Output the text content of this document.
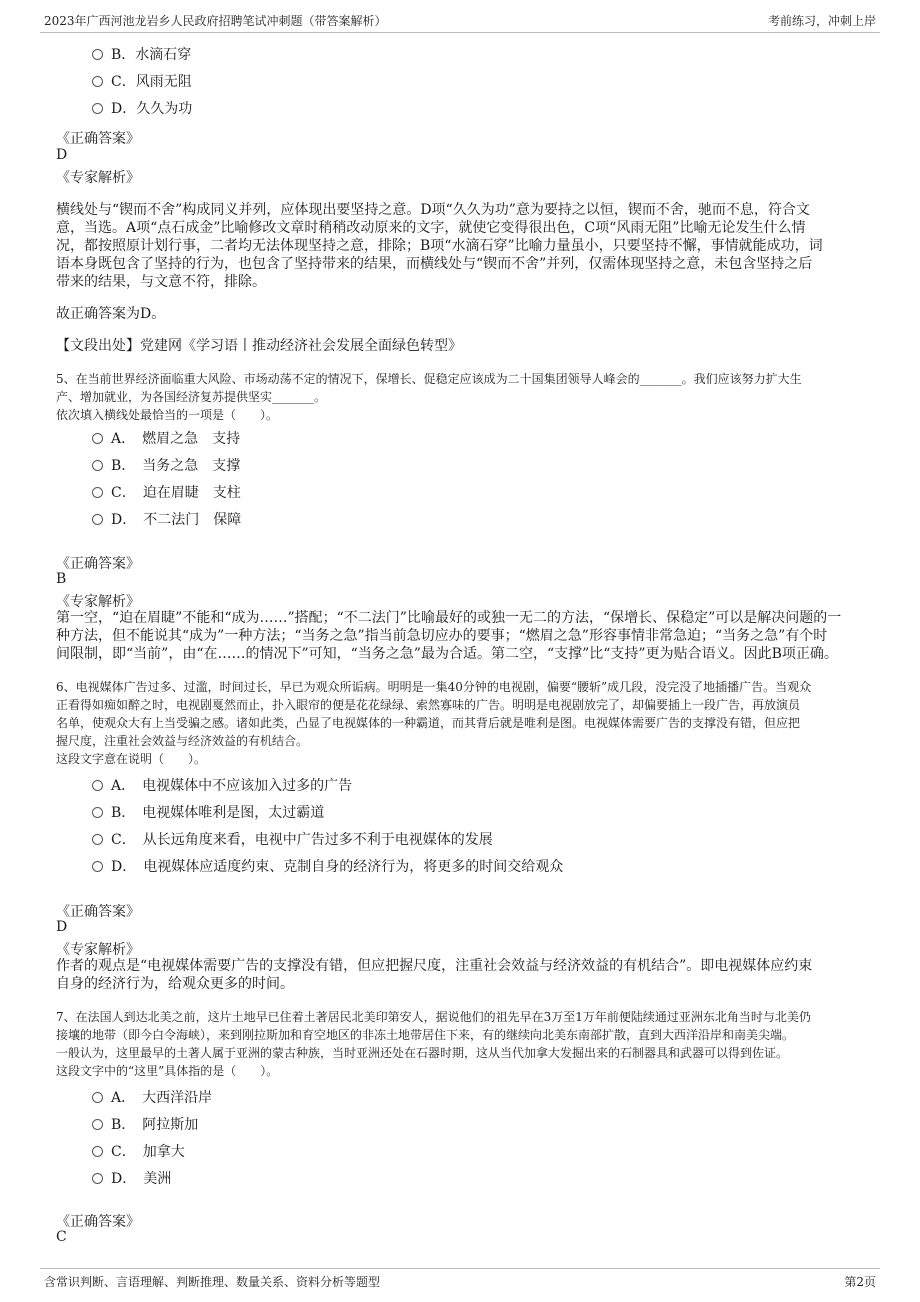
2023年广西河池龙岩乡人民政府招聘笔试冲刺题（带答案解析）	考前练习，冲刺上岸
B．水滴石穿
C．风雨无阻
D．久久为功
《正确答案》
D
《专家解析》
横线处与“锲而不舍”构成同义并列，应体现出要坚持之意。D项“久久为功”意为要持之以恒，锲而不舍，驰而不息，符合文
意，当选。A项“点石成金”比喻修改文章时稍稍改动原来的文字，就使它变得很出色，C项“风雨无阻”比喻无论发生什么情
况，都按照原计划行事，二者均无法体现坚持之意，排除；B项“水滴石穿”比喻力量虽小，只要坚持不懈，事情就能成功，词
语本身既包含了坚持的行为，也包含了坚持带来的结果，而横线处与“锲而不舍”并列，仅需体现坚持之意，未包含坚持之后
带来的结果，与文意不符，排除。
故正确答案为D。
【文段出处】党建网《学习语丨推动经济社会发展全面绿色转型》
5、在当前世界经济面临重大风险、市场动荡不定的情况下，保增长、促稳定应该成为二十国集团领导人峰会的_______。我们应该努力扩大生
产、增加就业，为各国经济复苏提供坚实_______。
依次填入横线处最恰当的一项是（　　）。
A．　燃眉之急　支持
B．　当务之急　支撑
C．　迫在眉睫　支柱
D．　不二法门　保障
《正确答案》
B
《专家解析》
第一空，“迫在眉睫”不能和“成为……”搭配；“不二法门”比喻最好的或独一无二的方法，“保增长、保稳定”可以是解决问题的一
种方法，但不能说其“成为”一种方法；“当务之急”指当前急切应办的要事；“燃眉之急”形容事情非常急迫；“当务之急”有个时
间限制，即“当前”，由“在……的情况下”可知，“当务之急”最为合适。第二空，“支撑”比“支持”更为贴合语义。因此B项正确。
6、电视媒体广告过多、过滥，时间过长，早已为观众所诟病。明明是一集40分钟的电视剧，偏要“腰斩”成几段，没完没了地插播广告。当观众
正看得如痴如醉之时，电视剧戛然而止，扑入眼帘的便是花花绿绿、索然寡味的广告。明明是电视剧放完了，却偏要插上一段广告，再放演员
名单，使观众大有上当受骗之感。诸如此类，凸显了电视媒体的一种霸道，而其背后就是唯利是图。电视媒体需要广告的支撑没有错，但应把
握尺度，注重社会效益与经济效益的有机结合。
这段文字意在说明（　　）。
A．　电视媒体中不应该加入过多的广告
B．　电视媒体唯利是图，太过霸道
C．　从长远角度来看，电视中广告过多不利于电视媒体的发展
D．　电视媒体应适度约束、克制自身的经济行为，将更多的时间交给观众
《正确答案》
D
《专家解析》
作者的观点是“电视媒体需要广告的支撑没有错，但应把握尺度，注重社会效益与经济效益的有机结合”。即电视媒体应约束
自身的经济行为，给观众更多的时间。
7、在法国人到达北美之前，这片土地早已住着土著居民北美印第安人，据说他们的祖先早在3万至1万年前便陆续通过亚洲东北角当时与北美仍
接壤的地带（即今白令海峡），来到刚拉斯加和育空地区的非冻土地带居住下来，有的继续向北美东南部扩散，直到大西洋沿岸和南美尖端。
一般认为，这里最早的土著人属于亚洲的蒙古种族，当时亚洲还处在石器时期，这从当代加拿大发掘出来的石制器具和武器可以得到佐证。
这段文字中的“这里”具体指的是（　　）。
A．　大西洋沿岸
B．　阿拉斯加
C．　加拿大
D．　美洲
《正确答案》
C
含常识判断、言语理解、判断推理、数量关系、资料分析等题型	第2页
